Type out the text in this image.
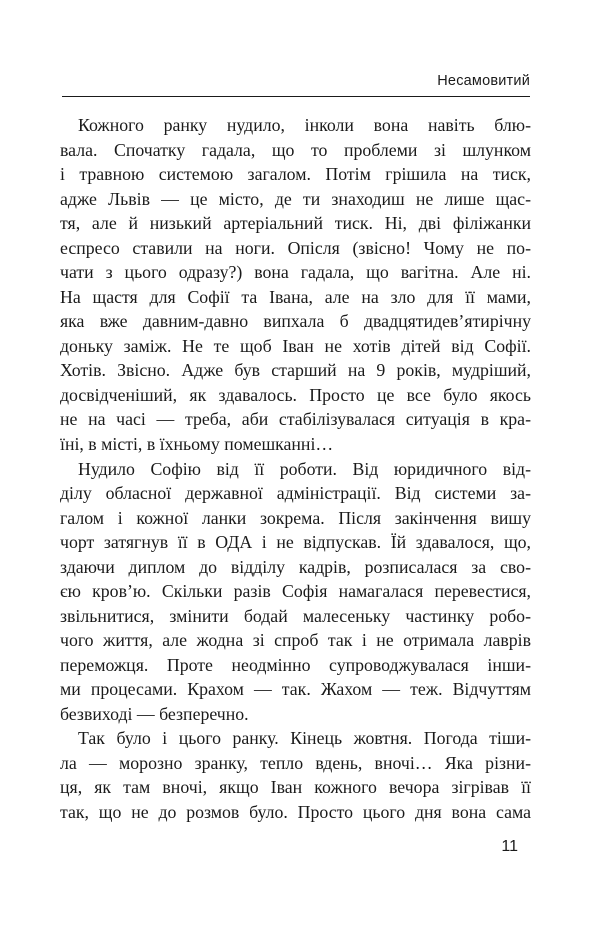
Несамовитий

Кожного ранку нудило, інколи вона навіть блю-

вала. Спочатку гадала, що то проблеми зі шлунком

і травною системою загалом. Потім грішила на тиск,

адже Львів — це місто, де ти знаходиш не лише щас-

тя, але й низький артеріальний тиск. Ні, дві філіжанки

еспресо ставили на ноги. Опісля (звісно! Чому не по-

чати з цього одразу?) вона гадала, що вагітна. Але ні.

На щастя для Софії та Івана, але на зло для її мами,

яка вже давним-давно випхала б двадцятидев’ятирічну

доньку заміж. Не те щоб Іван не хотів дітей від Софії.

Хотів. Звісно. Адже був старший на 9 років, мудріший,

досвідченіший, як здавалось. Просто це все було якось

не на часі — треба, аби стабілізувалася ситуація в кра-

їні, в місті, в їхньому помешканні…

Нудило Софію від її роботи. Від юридичного від-

ділу обласної державної адміністрації. Від системи за-

галом і кожної ланки зокрема. Після закінчення вишу

чорт затягнув її в ОДА і не відпускав. Їй здавалося, що,

здаючи диплом до відділу кадрів, розписалася за сво-

єю кров’ю. Скільки разів Софія намагалася перевестися,

звільнитися, змінити бодай малесеньку частинку робо-

чого життя, але жодна зі спроб так і не отримала лаврів

переможця. Проте неодмінно супроводжувалася інши-

ми процесами. Крахом — так. Жахом — теж. Відчуттям

безвиході — безперечно.

Так було і цього ранку. Кінець жовтня. Погода тіши-

ла — морозно зранку, тепло вдень, вночі… Яка різни-

ця, як там вночі, якщо Іван кожного вечора зігрівав її

так, що не до розмов було. Просто цього дня вона сама

11
